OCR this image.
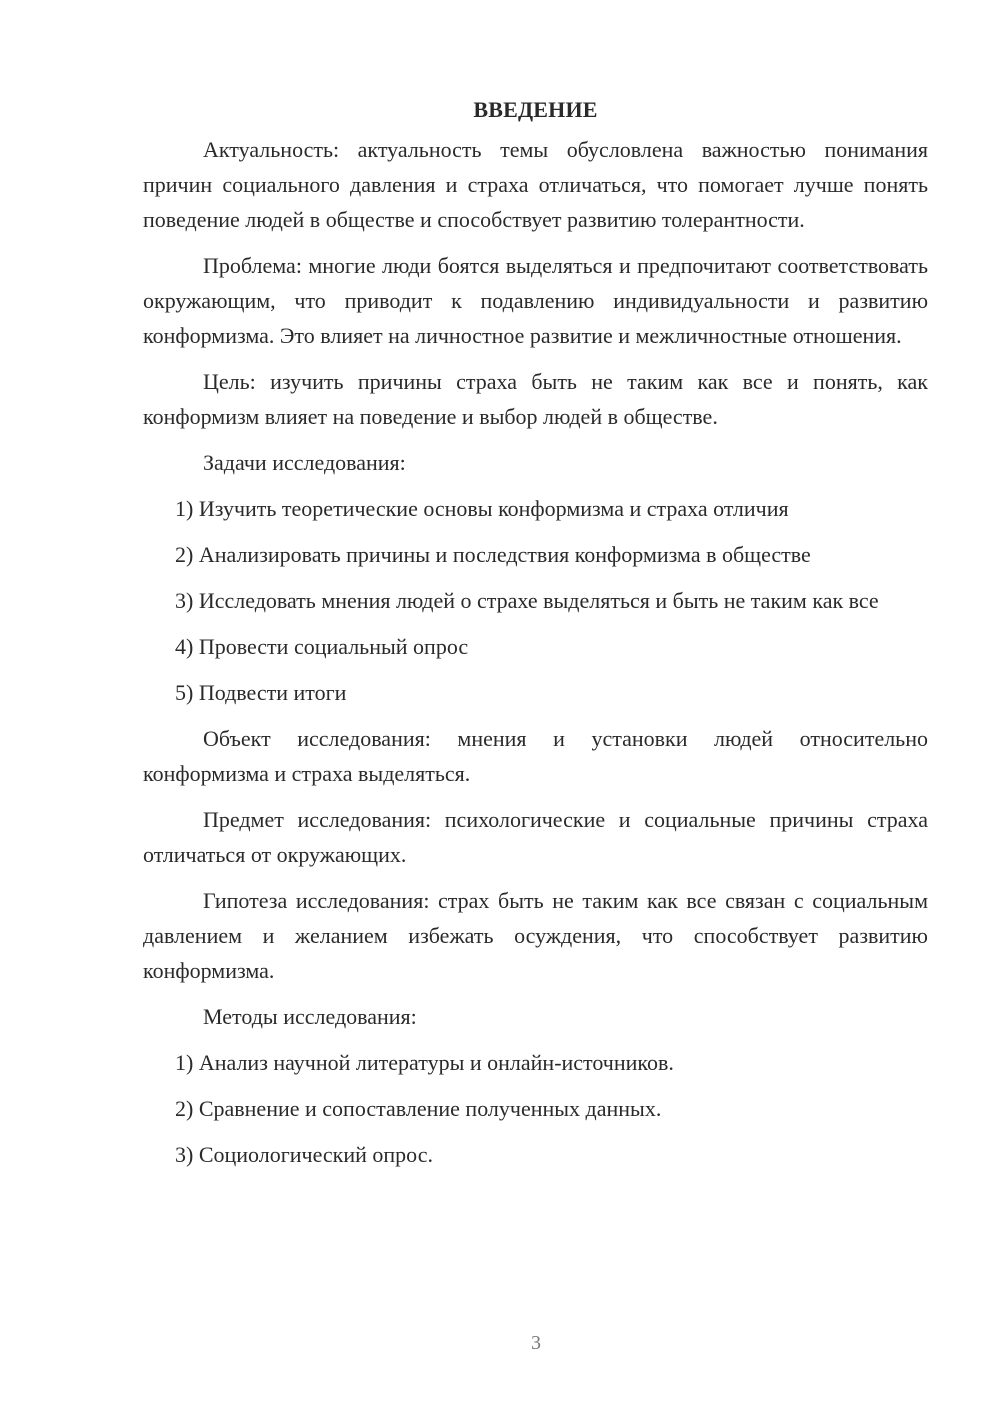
ВВЕДЕНИЕ

Актуальность: актуальность темы обусловлена важностью понимания причин социального давления и страха отличаться, что помогает лучше понять поведение людей в обществе и способствует развитию толерантности.

Проблема: многие люди боятся выделяться и предпочитают соответствовать окружающим, что приводит к подавлению индивидуальности и развитию конформизма. Это влияет на личностное развитие и межличностные отношения.

Цель: изучить причины страха быть не таким как все и понять, как конформизм влияет на поведение и выбор людей в обществе.

Задачи исследования:

1) Изучить теоретические основы конформизма и страха отличия

2) Анализировать причины и последствия конформизма в обществе

3) Исследовать мнения людей о страхе выделяться и быть не таким как все

4) Провести социальный опрос

5) Подвести итоги

Объект исследования: мнения и установки людей относительно конформизма и страха выделяться.

Предмет исследования: психологические и социальные причины страха отличаться от окружающих.

Гипотеза исследования: страх быть не таким как все связан с социальным давлением и желанием избежать осуждения, что способствует развитию конформизма.

Методы исследования:

1) Анализ научной литературы и онлайн-источников.

2) Сравнение и сопоставление полученных данных.

3) Социологический опрос.

3
